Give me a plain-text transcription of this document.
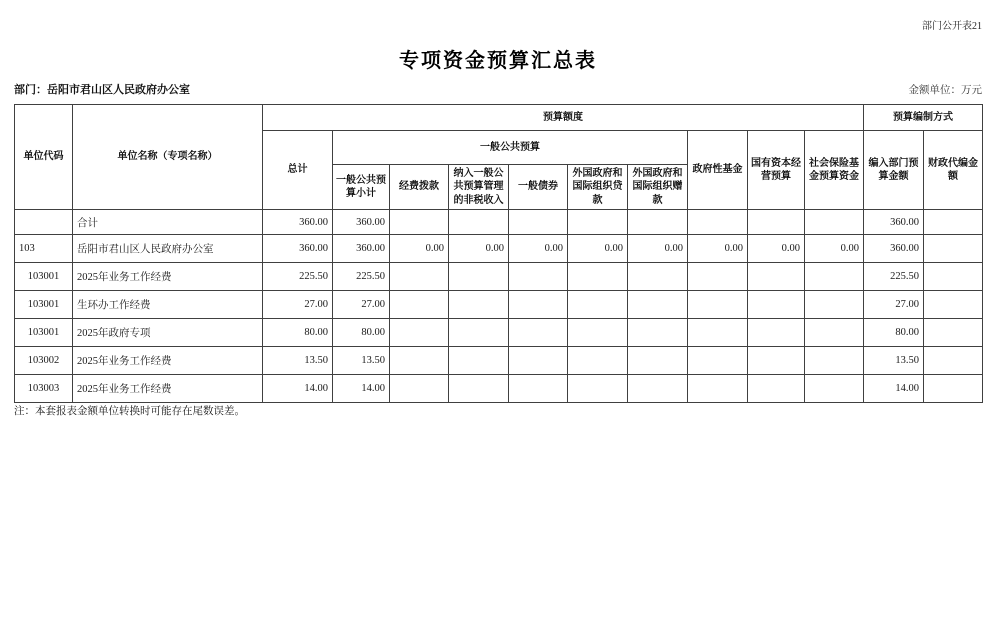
部门公开表21
专项资金预算汇总表
部门：岳阳市君山区人民政府办公室	金额单位：万元
单位代码	单位名称（专项名称）	预算额度										预算编制方式	
		总计	一般公共预算						政府性基金	国有资本经营预算	社会保险基金预算资金	编入部门预算金额	财政代编金额
			一般公共预算小计	经费拨款	纳入一般公共预算管理的非税收入	一般债券	外国政府和国际组织贷款	外国政府和国际组织赠款					
	合计	360.00	360.00									360.00	
103	岳阳市君山区人民政府办公室	360.00	360.00	0.00	0.00	0.00	0.00	0.00	0.00	0.00	0.00	360.00	
103001	2025年业务工作经费	225.50	225.50									225.50	
103001	生环办工作经费	27.00	27.00									27.00	
103001	2025年政府专项	80.00	80.00									80.00	
103002	2025年业务工作经费	13.50	13.50									13.50	
103003	2025年业务工作经费	14.00	14.00									14.00	
注：本套报表金额单位转换时可能存在尾数误差。
